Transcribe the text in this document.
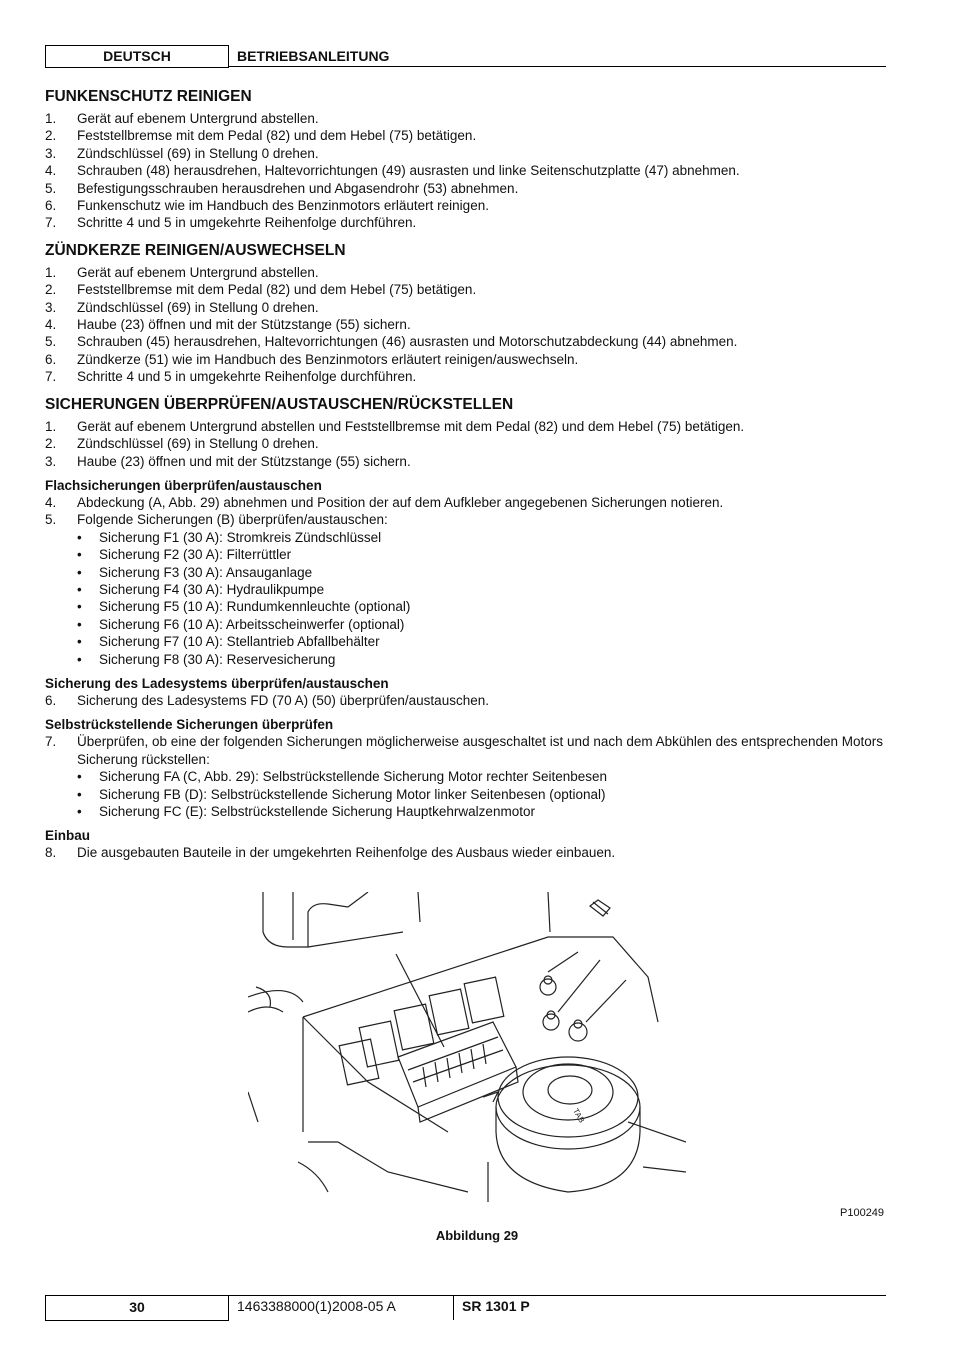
DEUTSCH	BETRIEBSANLEITUNG
FUNKENSCHUTZ REINIGEN
1.	Gerät auf ebenem Untergrund abstellen.
2.	Feststellbremse mit dem Pedal (82) und dem Hebel (75) betätigen.
3.	Zündschlüssel (69) in Stellung 0 drehen.
4.	Schrauben (48) herausdrehen, Haltevorrichtungen (49) ausrasten und linke Seitenschutzplatte (47) abnehmen.
5.	Befestigungsschrauben herausdrehen und Abgasendrohr (53) abnehmen.
6.	Funkenschutz wie im Handbuch des Benzinmotors erläutert reinigen.
7.	Schritte 4 und 5 in umgekehrte Reihenfolge durchführen.
ZÜNDKERZE REINIGEN/AUSWECHSELN
1.	Gerät auf ebenem Untergrund abstellen.
2.	Feststellbremse mit dem Pedal (82) und dem Hebel (75) betätigen.
3.	Zündschlüssel (69) in Stellung 0 drehen.
4.	Haube (23) öffnen und mit der Stützstange (55) sichern.
5.	Schrauben (45) herausdrehen, Haltevorrichtungen (46) ausrasten und Motorschutzabdeckung (44) abnehmen.
6.	Zündkerze (51) wie im Handbuch des Benzinmotors erläutert reinigen/auswechseln.
7.	Schritte 4 und 5 in umgekehrte Reihenfolge durchführen.
SICHERUNGEN ÜBERPRÜFEN/AUSTAUSCHEN/RÜCKSTELLEN
1.	Gerät auf ebenem Untergrund abstellen und Feststellbremse mit dem Pedal (82) und dem Hebel (75) betätigen.
2.	Zündschlüssel (69) in Stellung 0 drehen.
3.	Haube (23) öffnen und mit der Stützstange (55) sichern.
Flachsicherungen überprüfen/austauschen
4.	Abdeckung (A, Abb. 29) abnehmen und Position der auf dem Aufkleber angegebenen Sicherungen notieren.
5.	Folgende Sicherungen (B) überprüfen/austauschen:
•	Sicherung F1 (30 A): Stromkreis Zündschlüssel
•	Sicherung F2 (30 A): Filterrüttler
•	Sicherung F3 (30 A): Ansauganlage
•	Sicherung F4 (30 A): Hydraulikpumpe
•	Sicherung F5 (10 A): Rundumkennleuchte (optional)
•	Sicherung F6 (10 A): Arbeitsscheinwerfer (optional)
•	Sicherung F7 (10 A): Stellantrieb Abfallbehälter
•	Sicherung F8 (30 A): Reservesicherung
Sicherung des Ladesystems überprüfen/austauschen
6.	Sicherung des Ladesystems FD (70 A) (50) überprüfen/austauschen.
Selbstrückstellende Sicherungen überprüfen
7.	Überprüfen, ob eine der folgenden Sicherungen möglicherweise ausgeschaltet ist und nach dem Abkühlen des entsprechenden Motors Sicherung rückstellen:
•	Sicherung FA (C, Abb. 29): Selbstrückstellende Sicherung Motor rechter Seitenbesen
•	Sicherung FB (D): Selbstrückstellende Sicherung Motor linker Seitenbesen (optional)
•	Sicherung FC (E): Selbstrückstellende Sicherung Hauptkehrwalzenmotor
Einbau
8.	Die ausgebauten Bauteile in der umgekehrten Reihenfolge des Ausbaus wieder einbauen.
TAB
P100249
Abbildung 29
30	1463388000(1)2008-05 A	SR 1301 P
